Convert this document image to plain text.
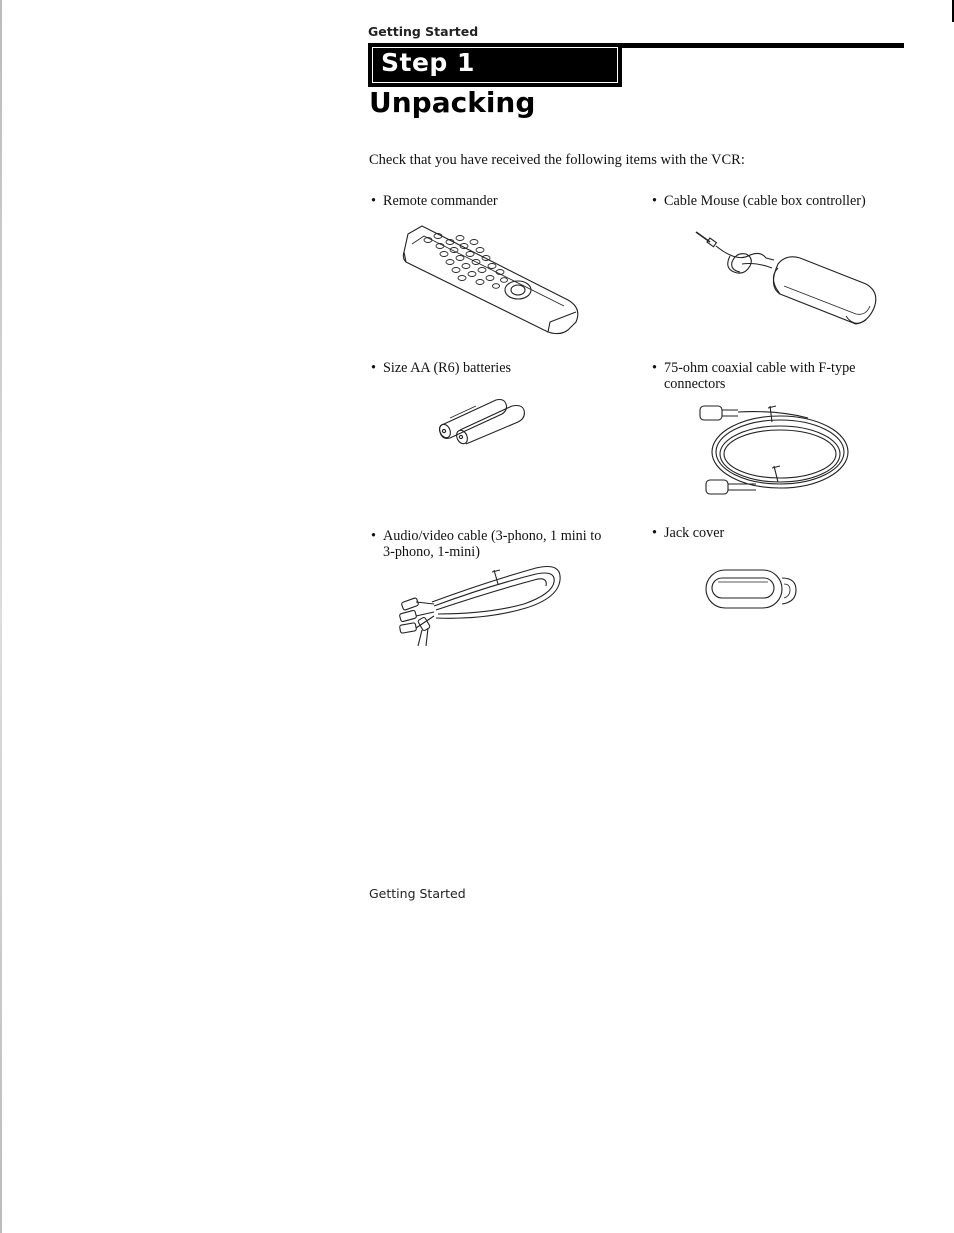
Getting Started
Step 1
Unpacking
Check that you have received the following items with the VCR:
• Remote commander	• Cable Mouse (cable box controller)
• Size AA (R6) batteries	• 75-ohm coaxial cable with F-type
connectors
• Audio/video cable (3-phono, 1 mini to
3-phono, 1-mini)
• Jack cover
Getting Started
